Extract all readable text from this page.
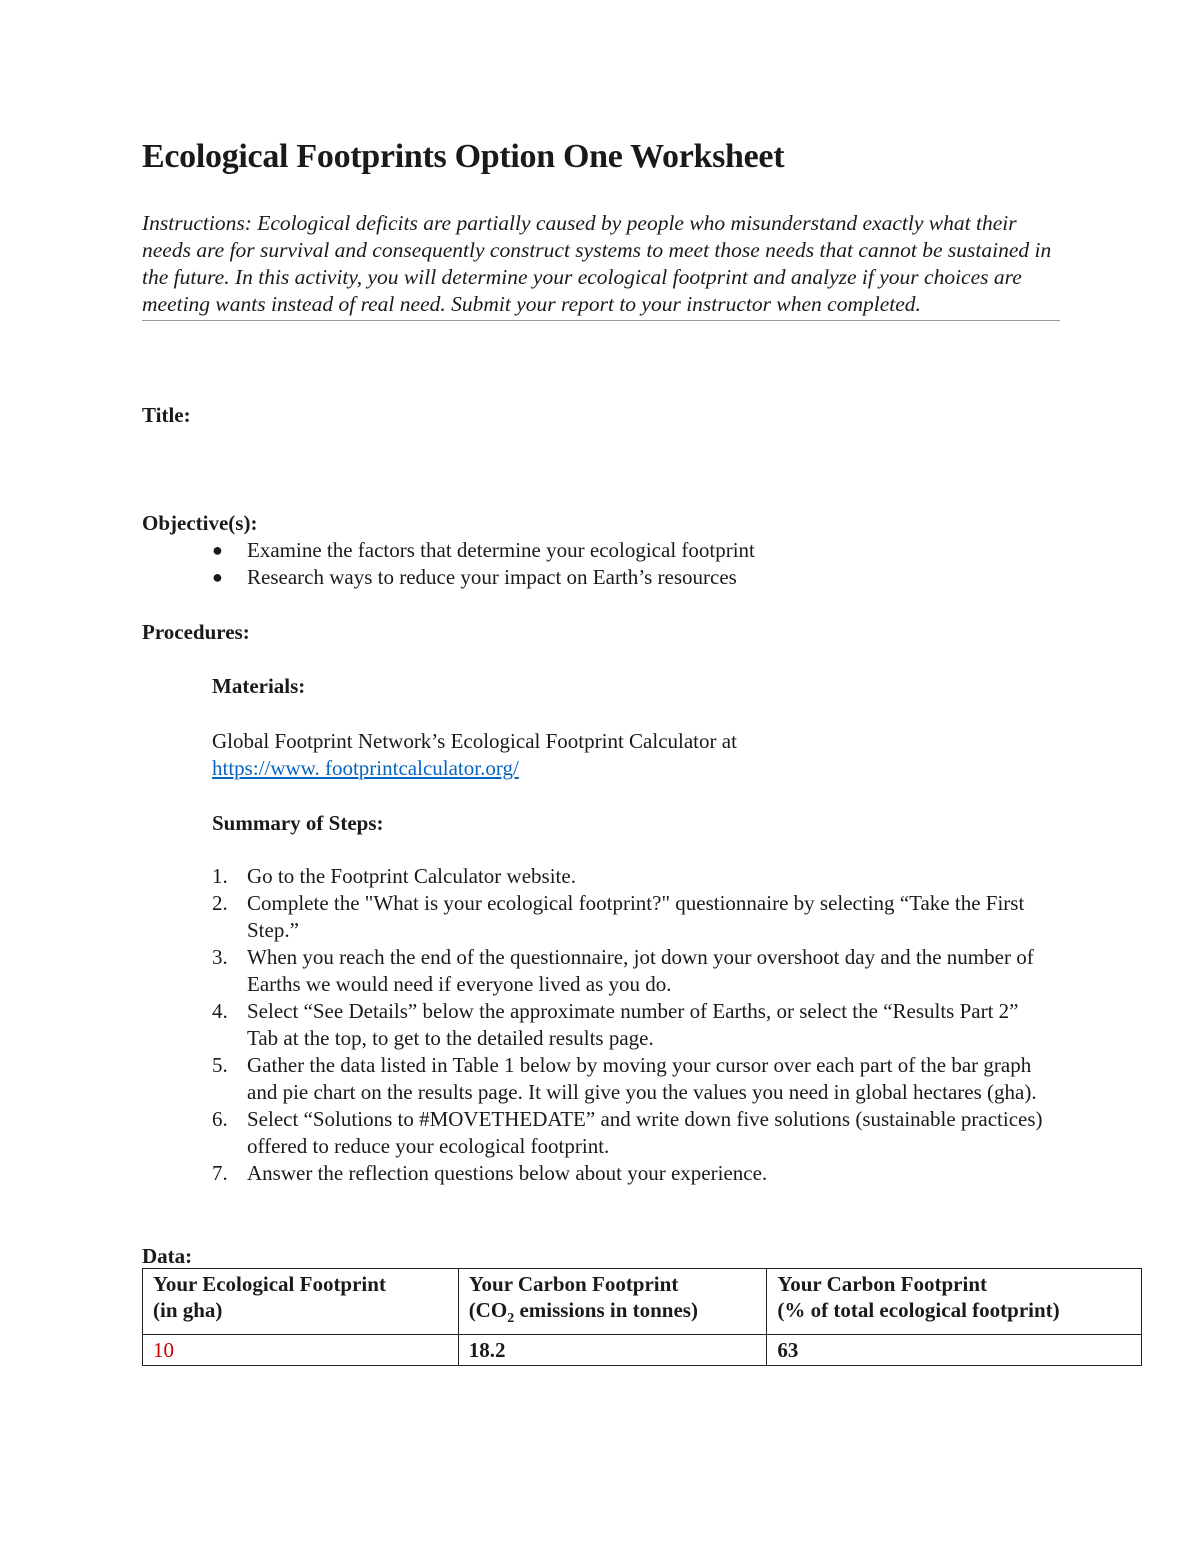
Ecological Footprints Option One Worksheet

Instructions: Ecological deficits are partially caused by people who misunderstand exactly what their needs are for survival and consequently construct systems to meet those needs that cannot be sustained in the future. In this activity, you will determine your ecological footprint and analyze if your choices are meeting wants instead of real need. Submit your report to your instructor when completed.

Title:

Objective(s):

● Examine the factors that determine your ecological footprint
● Research ways to reduce your impact on Earth’s resources

Procedures:

Materials:

Global Footprint Network’s Ecological Footprint Calculator at
https://www. footprintcalculator.org/

Summary of Steps:

1. Go to the Footprint Calculator website.
2. Complete the "What is your ecological footprint?" questionnaire by selecting “Take the First Step.”
3. When you reach the end of the questionnaire, jot down your overshoot day and the number of Earths we would need if everyone lived as you do.
4. Select “See Details” below the approximate number of Earths, or select the “Results Part 2” Tab at the top, to get to the detailed results page.
5. Gather the data listed in Table 1 below by moving your cursor over each part of the bar graph and pie chart on the results page. It will give you the values you need in global hectares (gha).
6. Select “Solutions to #MOVETHEDATE” and write down five solutions (sustainable practices) offered to reduce your ecological footprint.
7. Answer the reflection questions below about your experience.

Data:

Your Ecological Footprint
(in gha)	Your Carbon Footprint
($CO_2$ emissions in tonnes)	Your Carbon Footprint
(% of total ecological footprint)
10	18.2	63
